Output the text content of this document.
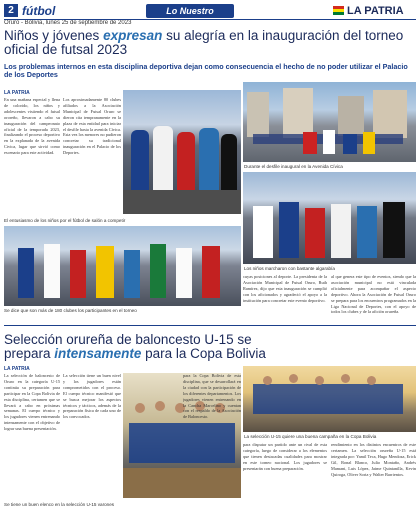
2 fútbol	Lo Nuestro Deportivo
LA PATRIA
Oruro - Bolivia, lunes 25 de septiembre de 2023
Niños y jóvenes expresan su alegría en la inauguración del torneo oficial de futsal 2023
Los problemas internos en esta disciplina deportiva dejan como consecuencia el hecho de no poder utilizar el Palacio de los Deportes
LA PATRIA
En una mañana especial y llena de colorido, los niños y adolescentes vistiendo el futsal ororeño, llevaron a cabo su inauguración del campeonato oficial de la temporada 2023, finalizando el proceso deportivo en la explanada de la avenida Civica, lugar que sirvió como escenario para este actividad.
Los aproximadamente 80 clubes afiliados a la Asociación Municipal de Futsal Oruro se dieron cita tempranamente en la plaza de esta entidad para iniciar el desfile hasta la avenida Cívica. Esta vez los menores no pudieron concretar su tradicional inauguración en el Palacio de los Deportes.
Durante el desfile inaugural en la Avenida Cívica
El entusiasmo de los niños por el fútbol de salón a competir
Se dice que son más de 180 clubes los participantes en el torneo
Los niños marcharon con bastante algarabía
cuyas posiciones al deporte. La presidenta de la Asociación Municipal de Futsal Oruro, Ruth Ramírez, dijo que esta inauguración se cumplió con los aficionados y agradeció el apoyo a la institución para concretar este evento deportivo.
al que genera este tipo de eventos, siendo que la asociación municipal no está vinculada oficialmente para acompañar el aspecto deportivo. Ahora la Asociación de Futsal Oruro se prepara para los encuentros programados en la Liga Nacional de Deportes, con el apoyo de todos los clubes y de la afición orureña.
Selección orureña de baloncesto U-15 se
prepara intensamente para la Copa Bolivia
LA PATRIA
La selección de baloncesto de Oruro en la categoría U-15 continúa su preparación para participar en la Copa Bolivia de esta disciplina, certamen que se llevará a cabo en próximas semanas. El cuerpo técnico y los jugadores vienen entrenando intensamente con el objetivo de lograr una buena presentación.
La selección tiene un buen nivel y los jugadores están comprometidos con el proceso. El cuerpo técnico manifestó que se busca mejorar los aspectos técnicos y tácticos, además de la preparación física de cada uno de los convocados.
Se tiene un buen elenco en la selección U-15 varones
La selección U-15 quiere una buena campaña en la Copa Bolivia
para la Copa Bolivia de esta disciplina, que se desarrollará en la ciudad con la participación de los diferentes departamentos. Los jugadores vienen entrenando en la Cancha Marcelino y cuentan con el respaldo de la Asociación de Baloncesto.
para disputar un partido ante un rival de esta categoría, luego de considerar a los elementos que tienen destacadas cualidades para mostrar en este torneo nacional. Los jugadores se presentarán con buena preparación.
rendimiento en los distintos encuentros de este certamen. La selección orureña U-15 está integrada por: Yamil Teca, Hugo Mendoza, Erick Gil, Ronal Blanco, Julio Montaño, Andrés Mamani, Luis López, Jaime Quintanilla, Kevin Quiroga, Oliver Soria y Walter Barrientos.
